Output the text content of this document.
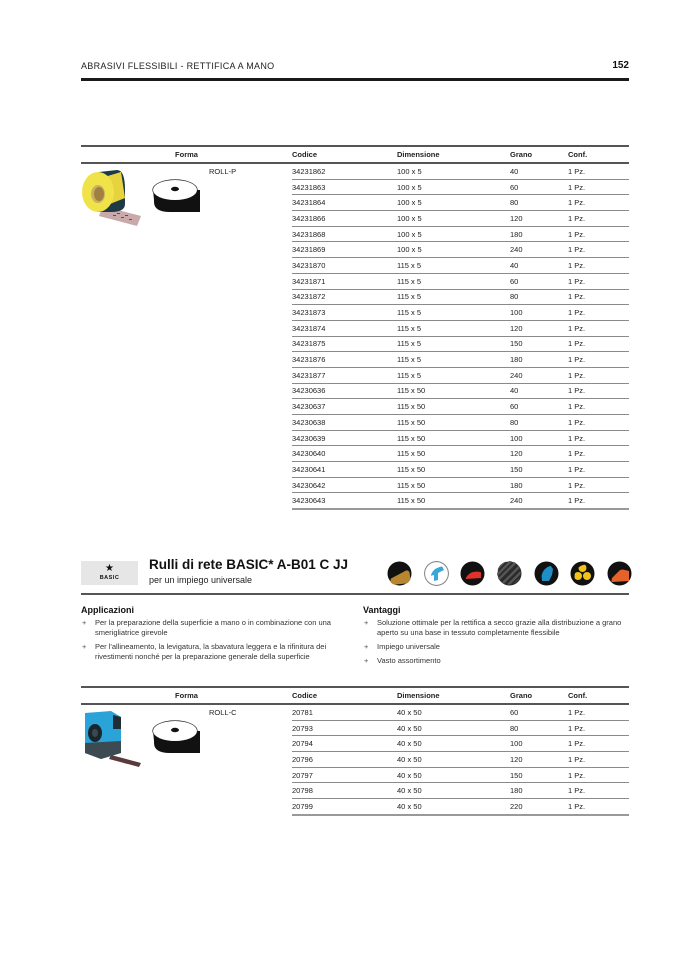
ABRASIVI FLESSIBILI - RETTIFICA A MANO	152
Forma		Codice	Dimensione	Grano	Conf.

	ROLL-P	34231862	100 x 5	40	1 Pz.
		34231863	100 x 5	60	1 Pz.
		34231864	100 x 5	80	1 Pz.
		34231866	100 x 5	120	1 Pz.
		34231868	100 x 5	180	1 Pz.
		34231869	100 x 5	240	1 Pz.
		34231870	115 x 5	40	1 Pz.
		34231871	115 x 5	60	1 Pz.
		34231872	115 x 5	80	1 Pz.
		34231873	115 x 5	100	1 Pz.
		34231874	115 x 5	120	1 Pz.
		34231875	115 x 5	150	1 Pz.
		34231876	115 x 5	180	1 Pz.
		34231877	115 x 5	240	1 Pz.
		34230636	115 x 50	40	1 Pz.
		34230637	115 x 50	60	1 Pz.
		34230638	115 x 50	80	1 Pz.
		34230639	115 x 50	100	1 Pz.
		34230640	115 x 50	120	1 Pz.
		34230641	115 x 50	150	1 Pz.
		34230642	115 x 50	180	1 Pz.
		34230643	115 x 50	240	1 Pz.
★
BASIC
Rulli di rete BASIC* A-B01 C JJ
per un impiego universale
Applicazioni
+ Per la preparazione della superficie a mano o in combinazione con una smerigliatrice girevole
+ Per l'allineamento, la levigatura, la sbavatura leggera e la rifinitura dei rivestimenti nonché per la preparazione generale della superficie
Vantaggi
+ Soluzione ottimale per la rettifica a secco grazie alla distribuzione a grano aperto su una base in tessuto completamente flessibile
+ Impiego universale
+ Vasto assortimento
Forma		Codice	Dimensione	Grano	Conf.

	ROLL-C	20781	40 x 50	60	1 Pz.
		20793	40 x 50	80	1 Pz.
		20794	40 x 50	100	1 Pz.
		20796	40 x 50	120	1 Pz.
		20797	40 x 50	150	1 Pz.
		20798	40 x 50	180	1 Pz.
		20799	40 x 50	220	1 Pz.
